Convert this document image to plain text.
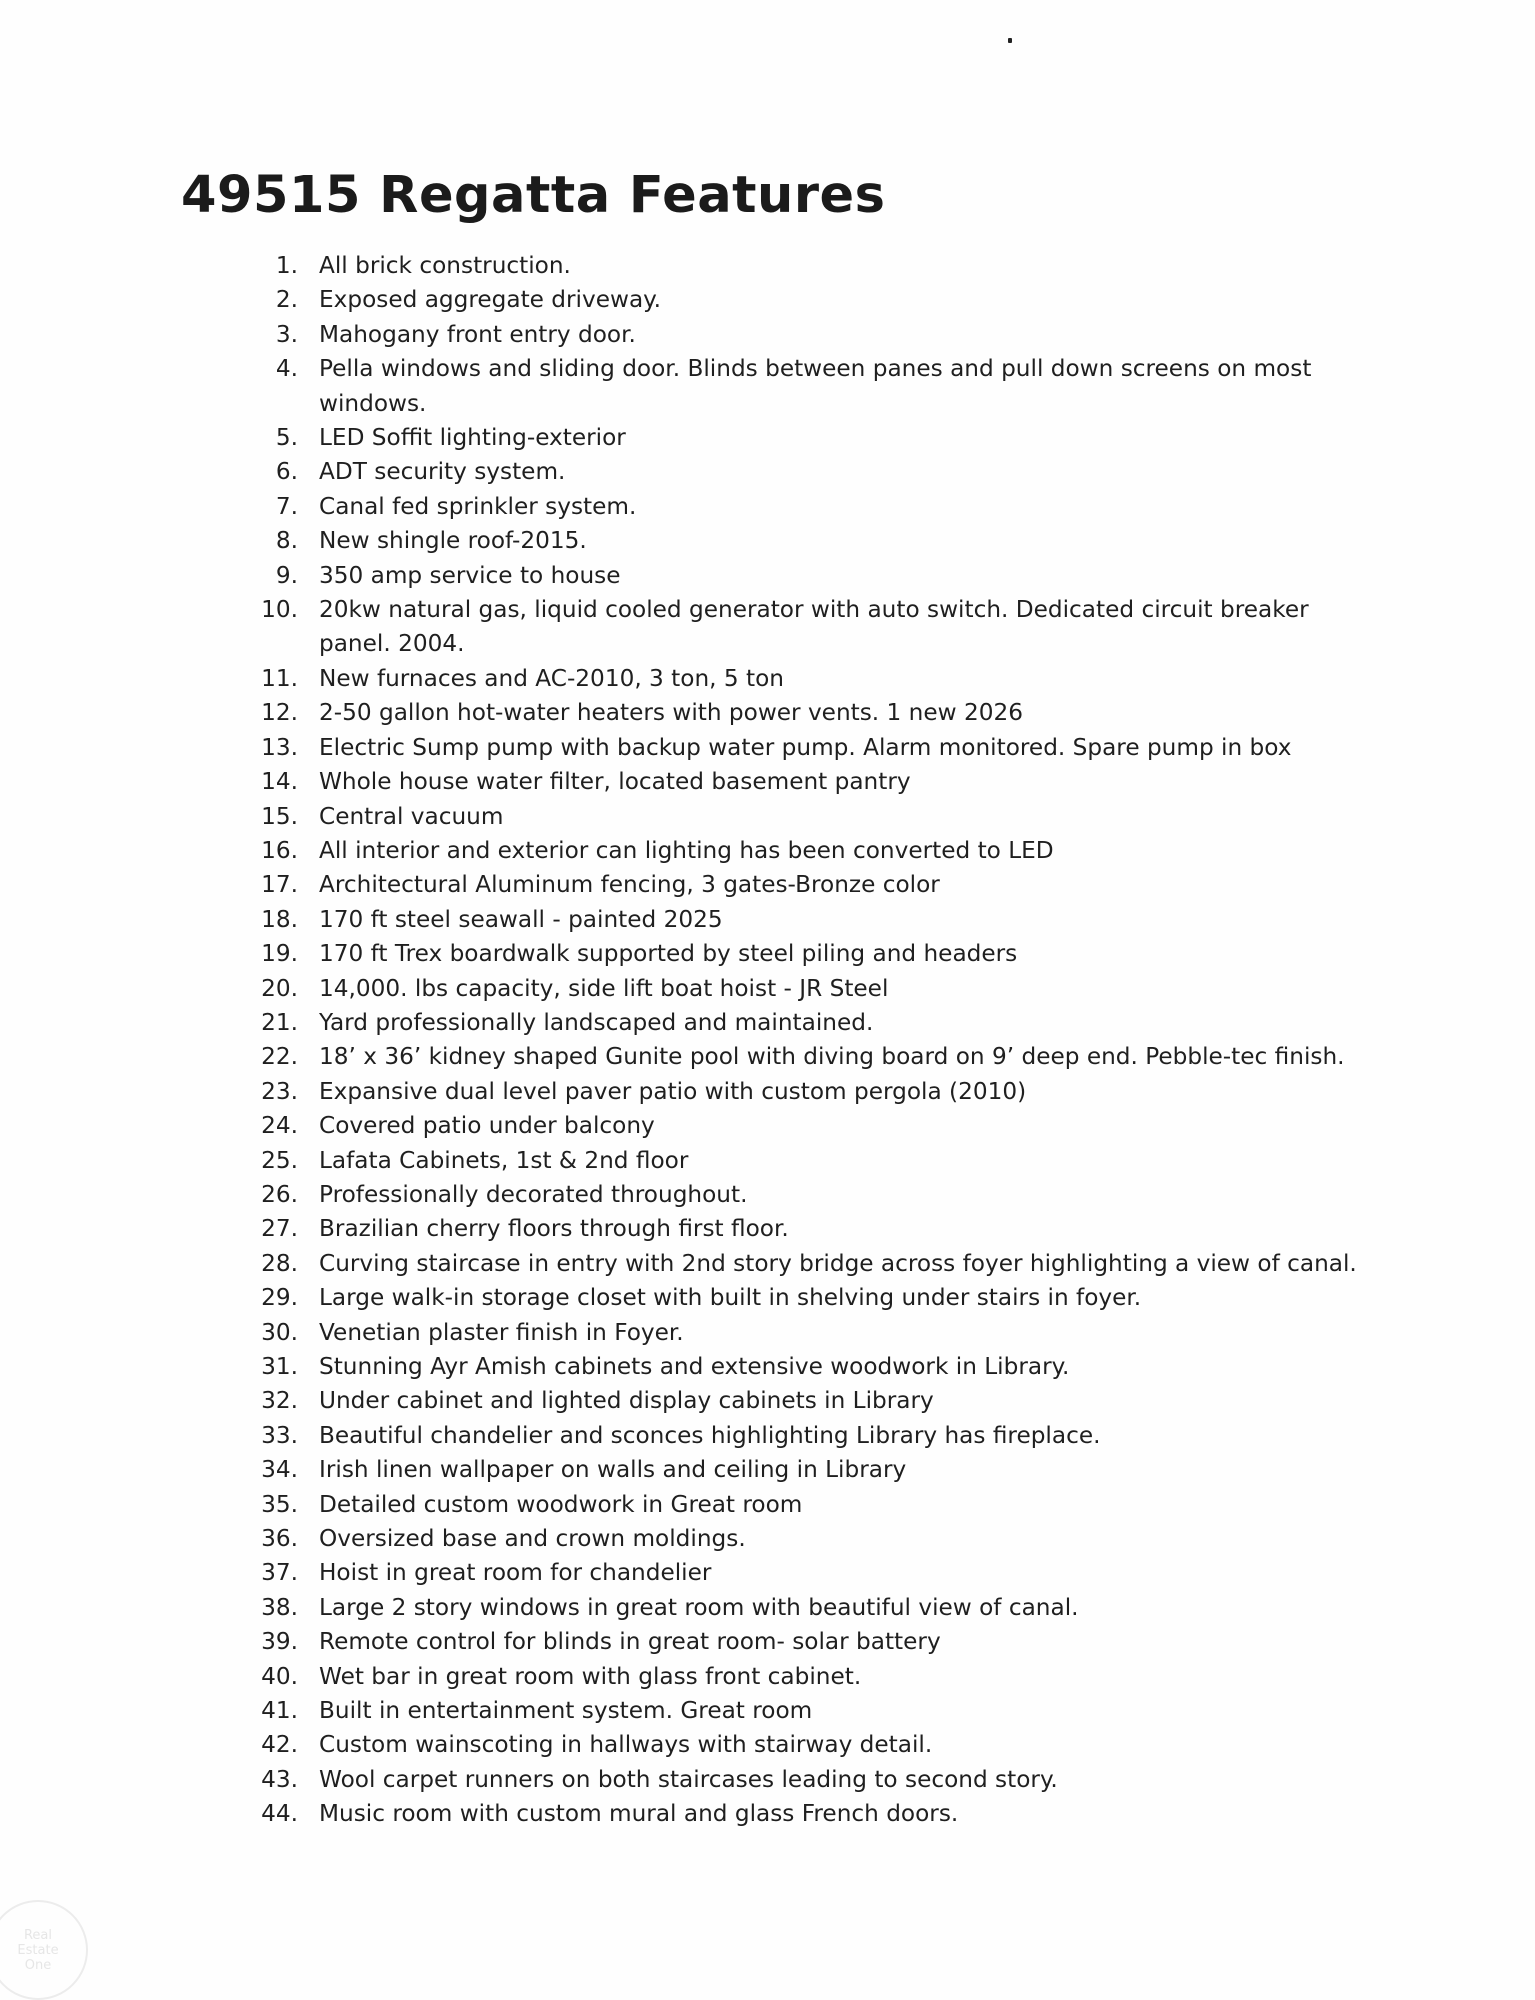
49515 Regatta Features
1. All brick construction.
2. Exposed aggregate driveway.
3. Mahogany front entry door.
4. Pella windows and sliding door. Blinds between panes and pull down screens on most windows.
5. LED Soffit lighting-exterior
6. ADT security system.
7. Canal fed sprinkler system.
8. New shingle roof-2015.
9. 350 amp service to house
10. 20kw natural gas, liquid cooled generator with auto switch. Dedicated circuit breaker panel. 2004.
11. New furnaces and AC-2010, 3 ton, 5 ton
12. 2-50 gallon hot-water heaters with power vents. 1 new 2026
13. Electric Sump pump with backup water pump. Alarm monitored. Spare pump in box
14. Whole house water filter, located basement pantry
15. Central vacuum
16. All interior and exterior can lighting has been converted to LED
17. Architectural Aluminum fencing, 3 gates-Bronze color
18. 170 ft steel seawall - painted 2025
19. 170 ft Trex boardwalk supported by steel piling and headers
20. 14,000. lbs capacity, side lift boat hoist - JR Steel
21. Yard professionally landscaped and maintained.
22. 18’ x 36’ kidney shaped Gunite pool with diving board on 9’ deep end. Pebble-tec finish.
23. Expansive dual level paver patio with custom pergola (2010)
24. Covered patio under balcony
25. Lafata Cabinets, 1st & 2nd floor
26. Professionally decorated throughout.
27. Brazilian cherry floors through first floor.
28. Curving staircase in entry with 2nd story bridge across foyer highlighting a view of canal.
29. Large walk-in storage closet with built in shelving under stairs in foyer.
30. Venetian plaster finish in Foyer.
31. Stunning Ayr Amish cabinets and extensive woodwork in Library.
32. Under cabinet and lighted display cabinets in Library
33. Beautiful chandelier and sconces highlighting Library has fireplace.
34. Irish linen wallpaper on walls and ceiling in Library
35. Detailed custom woodwork in Great room
36. Oversized base and crown moldings.
37. Hoist in great room for chandelier
38. Large 2 story windows in great room with beautiful view of canal.
39. Remote control for blinds in great room- solar battery
40. Wet bar in great room with glass front cabinet.
41. Built in entertainment system. Great room
42. Custom wainscoting in hallways with stairway detail.
43. Wool carpet runners on both staircases leading to second story.
44. Music room with custom mural and glass French doors.
Real
Estate
One
